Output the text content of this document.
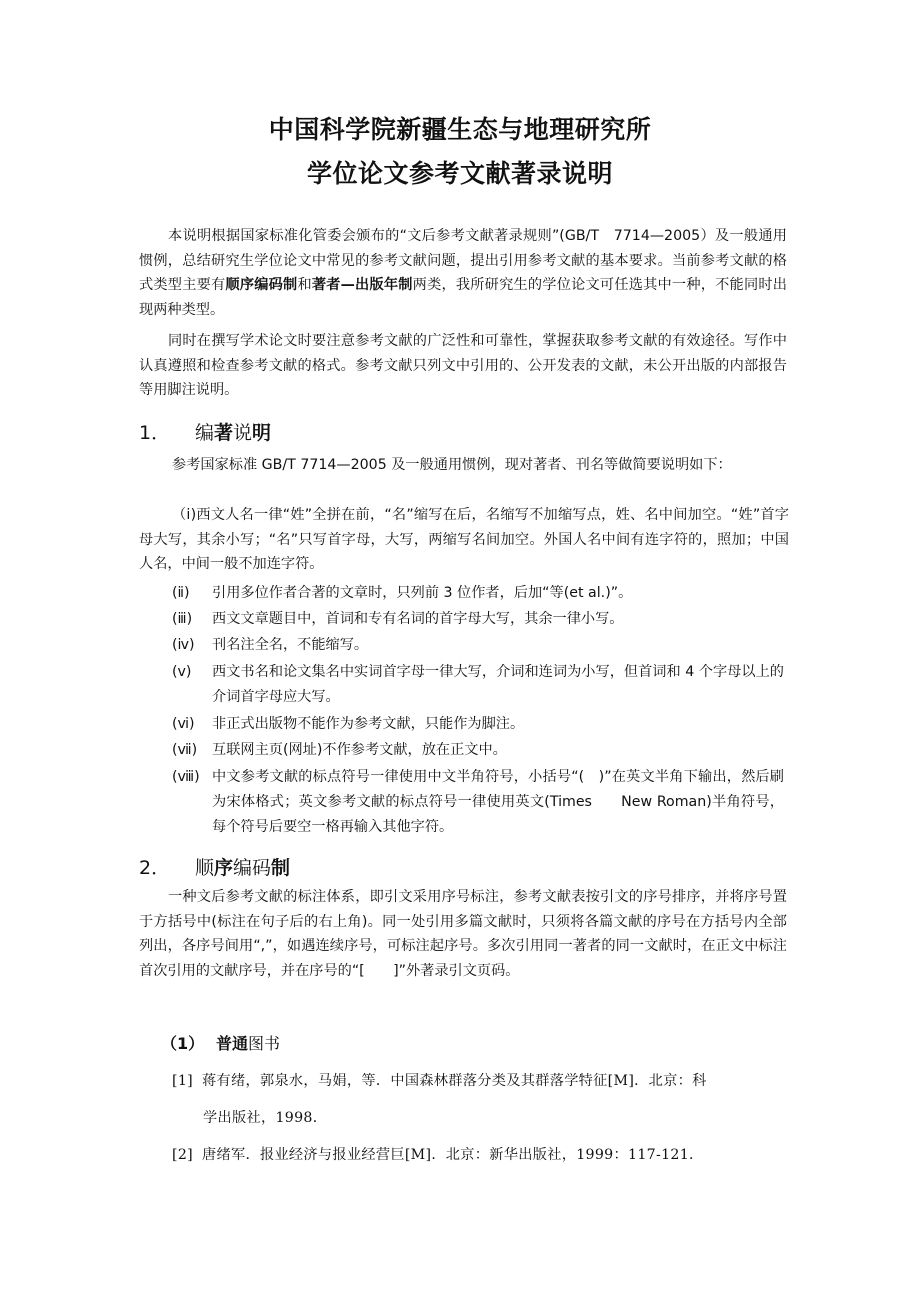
中国科学院新疆生态与地理研究所
学位论文参考文献著录说明

本说明根据国家标准化管委会颁布的“文后参考文献著录规则”(GB/T　7714—2005）及一般通用惯例，总结研究生学位论文中常见的参考文献问题，提出引用参考文献的基本要求。当前参考文献的格式类型主要有顺序编码制和著者—出版年制两类，我所研究生的学位论文可任选其中一种，不能同时出现两种类型。

同时在撰写学术论文时要注意参考文献的广泛性和可靠性，掌握获取参考文献的有效途径。写作中认真遵照和检查参考文献的格式。参考文献只列文中引用的、公开发表的文献，未公开出版的内部报告等用脚注说明。

1． 编著说明

参考国家标准 GB/T 7714—2005 及一般通用惯例，现对著者、刊名等做简要说明如下：

（ⅰ)西文人名一律“姓”全拼在前，“名”缩写在后，名缩写不加缩写点，姓、名中间加空。“姓”首字母大写，其余小写；“名”只写首字母，大写，两缩写名间加空。外国人名中间有连字符的，照加；中国人名，中间一般不加连字符。

(ⅱ) 引用多位作者合著的文章时，只列前 3 位作者，后加“等(et al.)”。
(ⅲ) 西文文章题目中，首词和专有名词的首字母大写，其余一律小写。
(ⅳ) 刊名注全名，不能缩写。
(ⅴ) 西文书名和论文集名中实词首字母一律大写，介词和连词为小写，但首词和 4 个字母以上的介词首字母应大写。
(ⅵ) 非正式出版物不能作为参考文献，只能作为脚注。
(ⅶ) 互联网主页(网址)不作参考文献，放在正文中。
(ⅷ) 中文参考文献的标点符号一律使用中文半角符号，小括号“(　)”在英文半角下输出，然后刷为宋体格式；英文参考文献的标点符号一律使用英文(Times　　New Roman)半角符号，每个符号后要空一格再输入其他字符。
2． 顺序编码制

一种文后参考文献的标注体系，即引文采用序号标注，参考文献表按引文的序号排序，并将序号置于方括号中(标注在句子后的右上角)。同一处引用多篇文献时，只须将各篇文献的序号在方括号内全部列出，各序号间用“,”，如遇连续序号，可标注起序号。多次引用同一著者的同一文献时，在正文中标注首次引用的文献序号，并在序号的“[　　]”外著录引文页码。

（1） 普通图书
[1] 蒋有绪，郭泉水，马娟，等．中国森林群落分类及其群落学特征[M]．北京：科
学出版社，1998．
[2] 唐绪军．报业经济与报业经营巨[M]．北京：新华出版社，1999：117-121．
